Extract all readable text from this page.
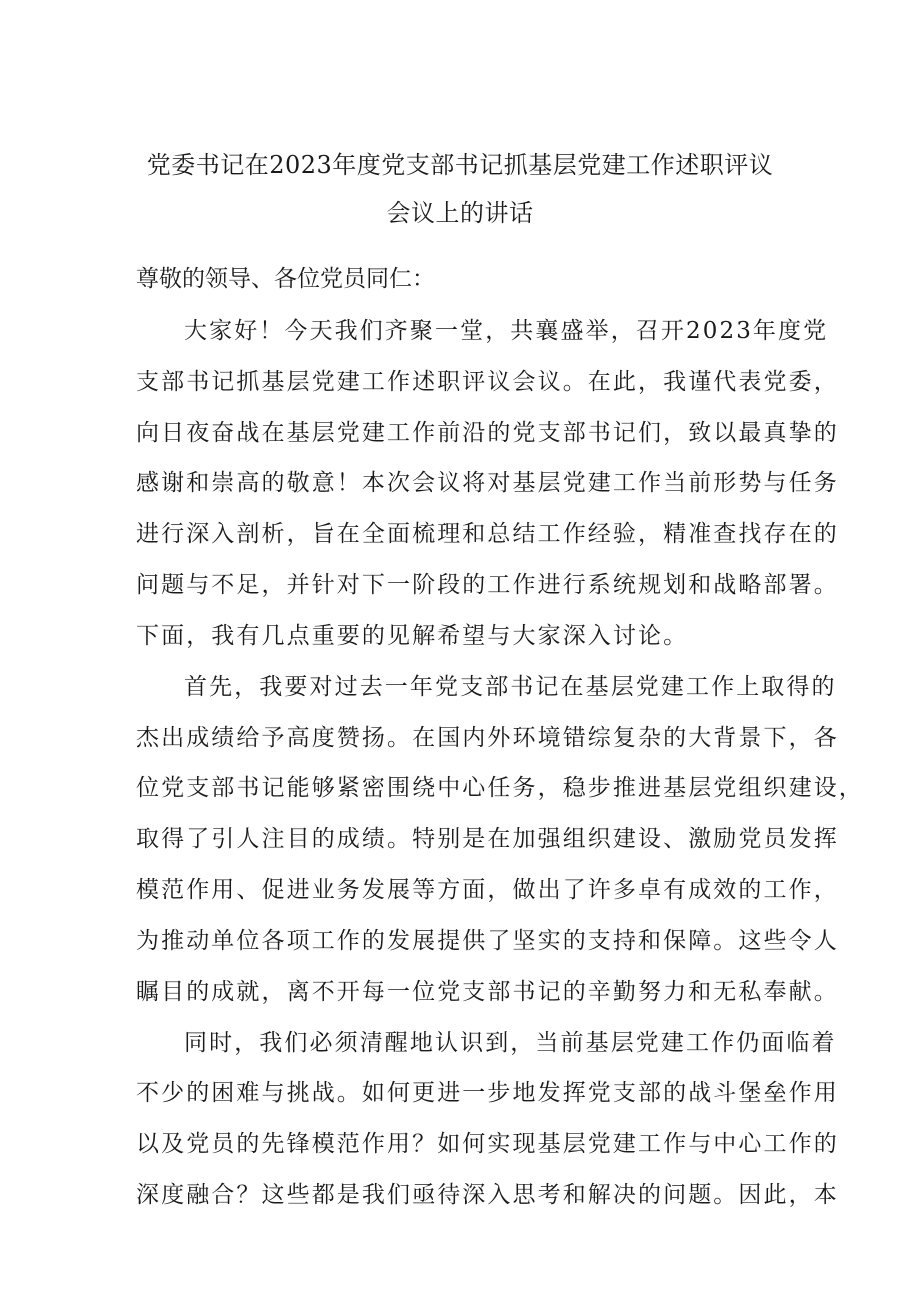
党委书记在2023年度党支部书记抓基层党建工作述职评议
会议上的讲话
尊敬的领导、各位党员同仁：
大家好！今天我们齐聚一堂，共襄盛举，召开2023年度党
支部书记抓基层党建工作述职评议会议。在此，我谨代表党委，
向日夜奋战在基层党建工作前沿的党支部书记们，致以最真挚的
感谢和崇高的敬意！本次会议将对基层党建工作当前形势与任务
进行深入剖析，旨在全面梳理和总结工作经验，精准查找存在的
问题与不足，并针对下一阶段的工作进行系统规划和战略部署。
下面，我有几点重要的见解希望与大家深入讨论。
首先，我要对过去一年党支部书记在基层党建工作上取得的
杰出成绩给予高度赞扬。在国内外环境错综复杂的大背景下，各
位党支部书记能够紧密围绕中心任务，稳步推进基层党组织建设，
取得了引人注目的成绩。特别是在加强组织建设、激励党员发挥
模范作用、促进业务发展等方面，做出了许多卓有成效的工作，
为推动单位各项工作的发展提供了坚实的支持和保障。这些令人
瞩目的成就，离不开每一位党支部书记的辛勤努力和无私奉献。
同时，我们必须清醒地认识到，当前基层党建工作仍面临着
不少的困难与挑战。如何更进一步地发挥党支部的战斗堡垒作用
以及党员的先锋模范作用？如何实现基层党建工作与中心工作的
深度融合？这些都是我们亟待深入思考和解决的问题。因此，本
